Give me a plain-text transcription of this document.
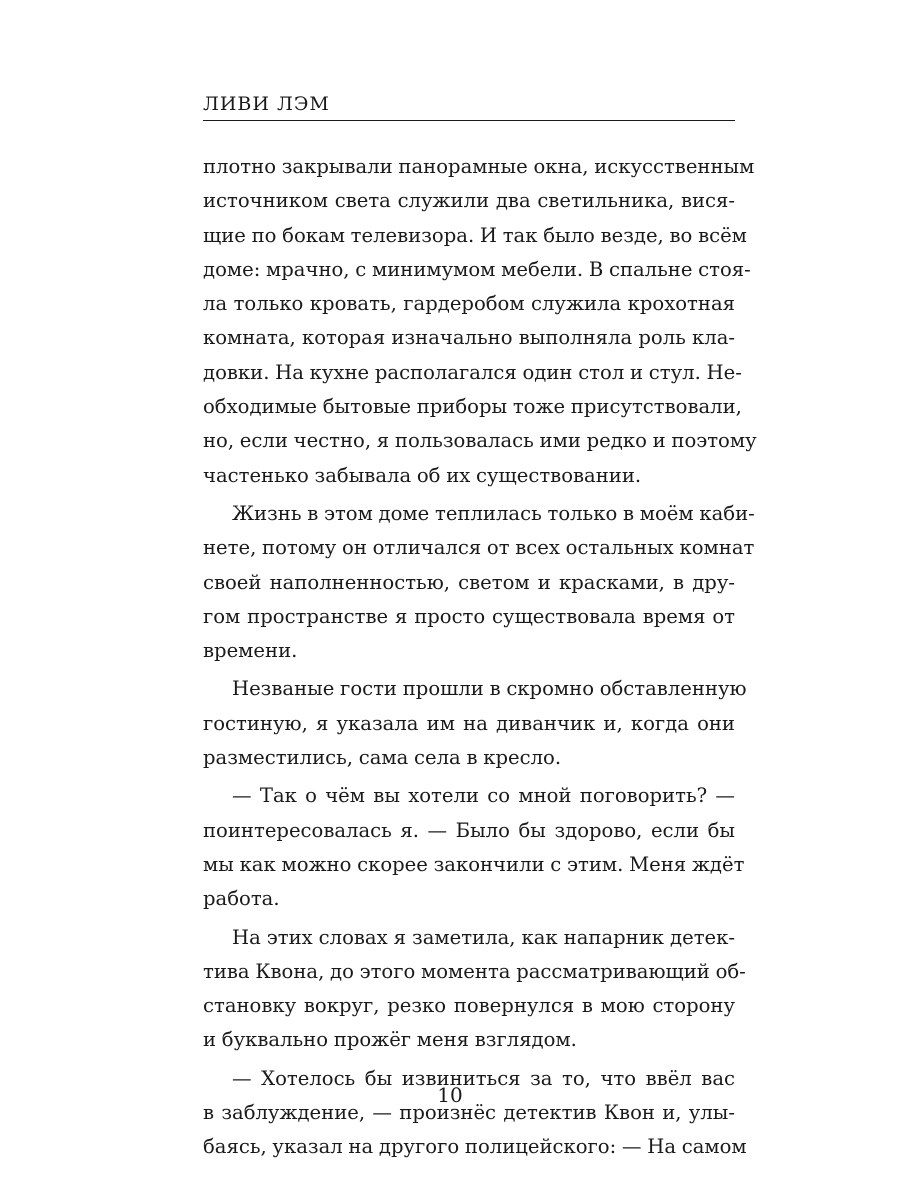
ЛИВИ ЛЭМ
плотно закрывали панорамные окна, искусственным
источником света служили два светильника, вися-
щие по бокам телевизора. И так было везде, во всём
доме: мрачно, с минимумом мебели. В спальне стоя-
ла только кровать, гардеробом служила крохотная
комната, которая изначально выполняла роль кла-
довки. На кухне располагался один стол и стул. Не-
обходимые бытовые приборы тоже присутствовали,
но, если честно, я пользовалась ими редко и поэтому
частенько забывала об их существовании.
Жизнь в этом доме теплилась только в моём каби-
нете, потому он отличался от всех остальных комнат
своей наполненностью, светом и красками, в дру-
гом пространстве я просто существовала время от
времени.
Незваные гости прошли в скромно обставленную
гостиную, я указала им на диванчик и, когда они
разместились, сама села в кресло.
— Так о чём вы хотели со мной поговорить? —
поинтересовалась я. — Было бы здорово, если бы
мы как можно скорее закончили с этим. Меня ждёт
работа.
На этих словах я заметила, как напарник детек-
тива Квона, до этого момента рассматривающий об-
становку вокруг, резко повернулся в мою сторону
и буквально прожёг меня взглядом.
— Хотелось бы извиниться за то, что ввёл вас
в заблуждение, — произнёс детектив Квон и, улы-
баясь, указал на другого полицейского: — На самом
10
